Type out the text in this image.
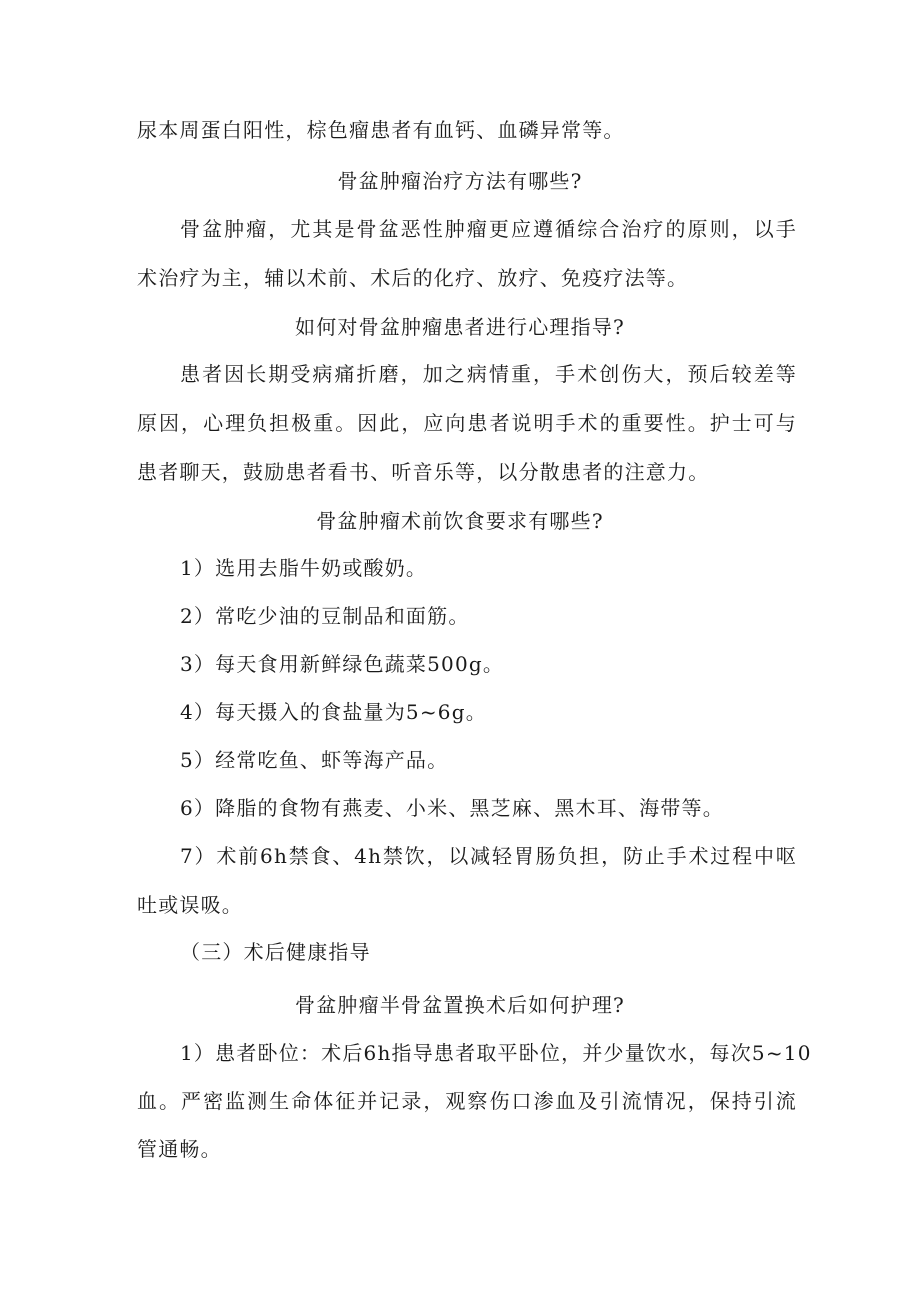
尿本周蛋白阳性，棕色瘤患者有血钙、血磷异常等。
骨盆肿瘤治疗方法有哪些?
骨盆肿瘤，尤其是骨盆恶性肿瘤更应遵循综合治疗的原则，以手
术治疗为主，辅以术前、术后的化疗、放疗、免疫疗法等。
如何对骨盆肿瘤患者进行心理指导?
患者因长期受病痛折磨，加之病情重，手术创伤大，预后较差等
原因，心理负担极重。因此，应向患者说明手术的重要性。护士可与
患者聊天，鼓励患者看书、听音乐等，以分散患者的注意力。
骨盆肿瘤术前饮食要求有哪些?
1）选用去脂牛奶或酸奶。
2）常吃少油的豆制品和面筋。
3）每天食用新鲜绿色蔬菜500g。
4）每天摄入的食盐量为5~6g。
5）经常吃鱼、虾等海产品。
6）降脂的食物有燕麦、小米、黑芝麻、黑木耳、海带等。
7）术前6h禁食、4h禁饮，以减轻胃肠负担，防止手术过程中呕
吐或误吸。
（三）术后健康指导
骨盆肿瘤半骨盆置换术后如何护理?
1）患者卧位：术后6h指导患者取平卧位，并少量饮水，每次5~10
血。严密监测生命体征并记录，观察伤口渗血及引流情况，保持引流
管通畅。
